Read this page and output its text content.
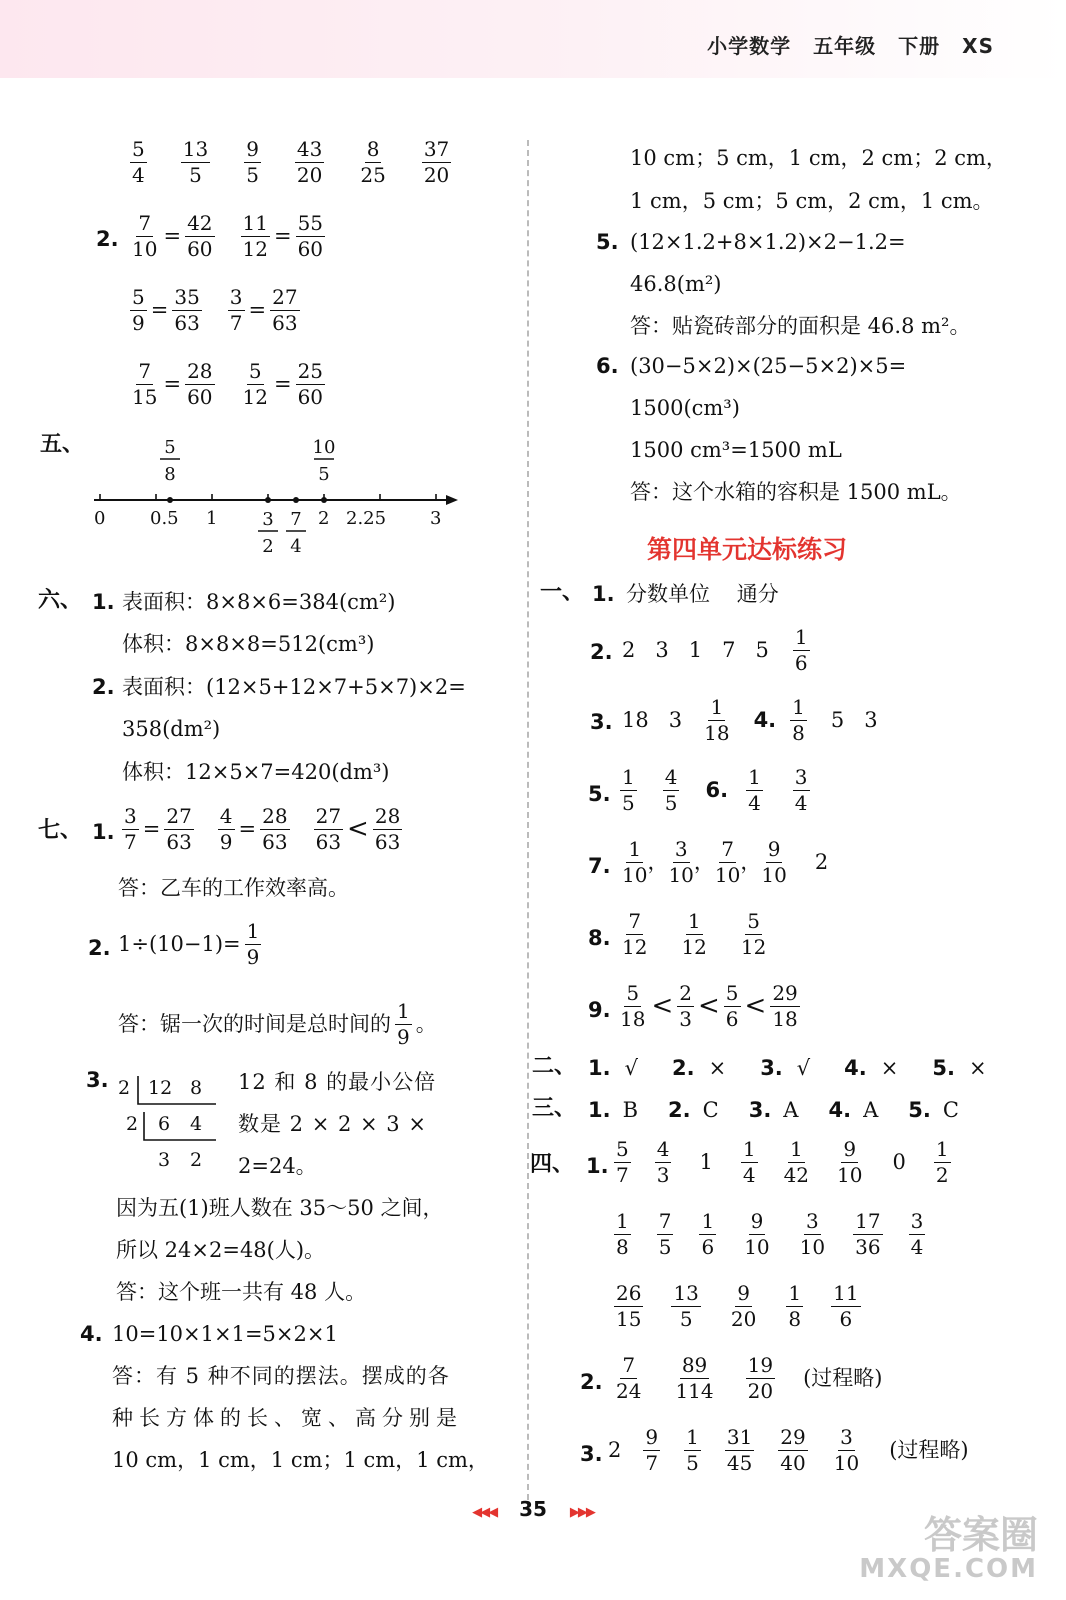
小学数学 五年级 下册 XS
$\frac{5}{4} \frac{13}{5} \frac{9}{5} \frac{43}{20} \frac{8}{25} \frac{37}{20}$
2. $\frac{7}{10} = \frac{42}{60} \frac{11}{12} = \frac{55}{60}$
$\frac{5}{9} = \frac{35}{63} \frac{3}{7} = \frac{27}{63}$
$\frac{7}{15} = \frac{28}{60} \frac{5}{12} = \frac{25}{60}$
五、
0 0.5 1	2 2.25 3
5
8
10
5
3
2
7
4
六、 1. 表面积：8×8×6=384(cm²)
体积：8×8×8=512(cm³)
2. 表面积：(12×5+12×7+5×7)×2=
358(dm²)
体积：12×5×7=420(dm³)
七、 1. $\frac{3}{7} = \frac{27}{63} \frac{4}{9} = \frac{28}{63} \frac{27}{63} < \frac{28}{63}$
答：乙车的工作效率高。
2. $1\div(10-1)= \frac{1}{9}$
答：锯一次的时间是总时间的 $\frac{1}{9}$ 。
3. 2 12 8
2 6 4
3 2
12 和 8 的最小公倍
数是 2 × 2 × 3 ×
2=24。
因为五(1)班人数在 35～50 之间，
所以 24×2=48(人)。
答：这个班一共有 48 人。
4. 10=10×1×1=5×2×1
答：有 5 种不同的摆法。摆成的各
种长方体的长、宽、高分别是
10 cm，1 cm，1 cm；1 cm，1 cm，
10 cm；5 cm，1 cm，2 cm；2 cm，
1 cm，5 cm；5 cm，2 cm，1 cm。
5. (12×1.2+8×1.2)×2−1.2=
46.8(m²)
答：贴瓷砖部分的面积是 46.8 m²。
6. (30−5×2)×(25−5×2)×5=
1500(cm³)
1500 cm³=1500 mL
答：这个水箱的容积是 1500 mL。
第四单元达标练习
一、 1. 分数单位    通分
2. 2 3 1 7 $5 \frac{1}{6}$
3. 18 $3 \frac{1}{18} 4$. $\frac{1}{8} 5$ 3
5. $\frac{1}{5} \frac{4}{5} 6$. $\frac{1}{4} \frac{3}{4}$
7. $\frac{1}{10}$
，
$\frac{3}{10}$
，
$\frac{7}{10}$
，
$\frac{9}{10} 2$
8. $\frac{7}{12} \frac{1}{12} \frac{5}{12}$
9. $\frac{5}{18} < \frac{2}{3} < \frac{5}{6} < \frac{29}{18}$
二、 1. √ 2. × 3. √ 4. × 5. ×
三、 1. B 2. C 3. A 4. A 5. C
四、 1. $\frac{5}{7} \frac{4}{3} 1 \frac{1}{4} \frac{1}{42} \frac{9}{10} 0 \frac{1}{2}$
$\frac{1}{8} \frac{7}{5} \frac{1}{6} \frac{9}{10} \frac{3}{10} \frac{17}{36} \frac{3}{4}$
$\frac{26}{15} \frac{13}{5} \frac{9}{20} \frac{1}{8} \frac{11}{6}$
2. $\frac{7}{24} \frac{89}{114} \frac{19}{20}$ (过程略)
3. $2 \frac{9}{7} \frac{1}{5} \frac{31}{45} \frac{29}{40} \frac{3}{10}$ (过程略)
◀◀◀ 35 ▶▶▶
答案圈
MXQE.COM
